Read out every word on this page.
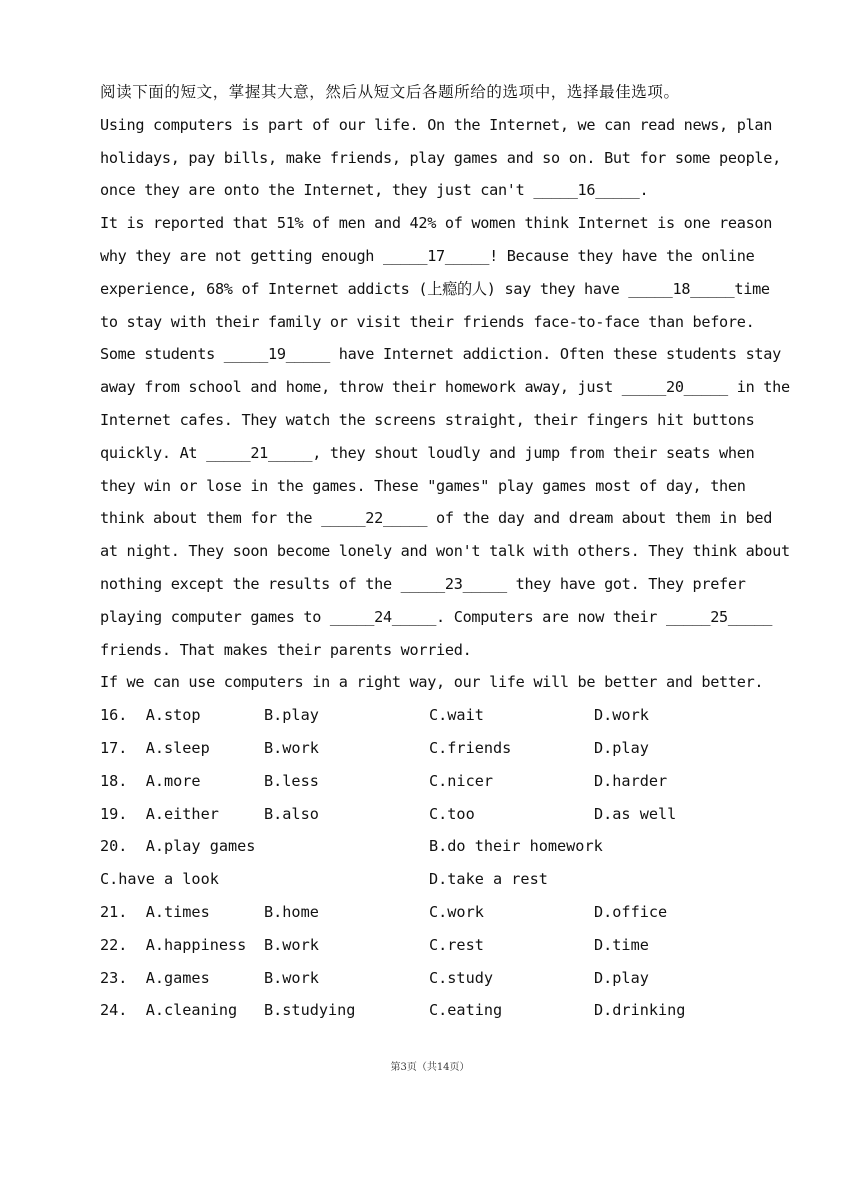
阅读下面的短文，掌握其大意，然后从短文后各题所给的选项中，选择最佳选项。
Using computers is part of our life. On the Internet, we can read news, plan
holidays, pay bills, make friends, play games and so on. But for some people,
once they are onto the Internet, they just can't _____16_____.
It is reported that 51% of men and 42% of women think Internet is one reason
why they are not getting enough _____17_____! Because they have the online
experience, 68% of Internet addicts (上瘾的人) say they have _____18_____time
to stay with their family or visit their friends face-to-face than before.
Some students _____19_____ have Internet addiction. Often these students stay
away from school and home, throw their homework away, just _____20_____ in the
Internet cafes. They watch the screens straight, their fingers hit buttons
quickly. At _____21_____, they shout loudly and jump from their seats when
they win or lose in the games. These "games" play games most of day, then
think about them for the _____22_____ of the day and dream about them in bed
at night. They soon become lonely and won't talk with others. They think about
nothing except the results of the _____23_____ they have got. They prefer
playing computer games to _____24_____. Computers are now their _____25_____
friends. That makes their parents worried.
If we can use computers in a right way, our life will be better and better.

16.  A.stop

	B.play

	C.wait

	D.work

17.  A.sleep

	B.work

	C.friends

	D.play

18.  A.more

	B.less

	C.nicer

	D.harder

19.  A.either

	B.also

	C.too

	D.as well

20.  A.play games

	B.do their homework

C.have a look

	D.take a rest

21.  A.times

	B.home

	C.work

	D.office

22.  A.happiness

B.work

	C.rest

	D.time

23.  A.games

	B.work

	C.study

	D.play

24.  A.cleaning

B.studying

	C.eating

	D.drinking

第3页（共14页）
